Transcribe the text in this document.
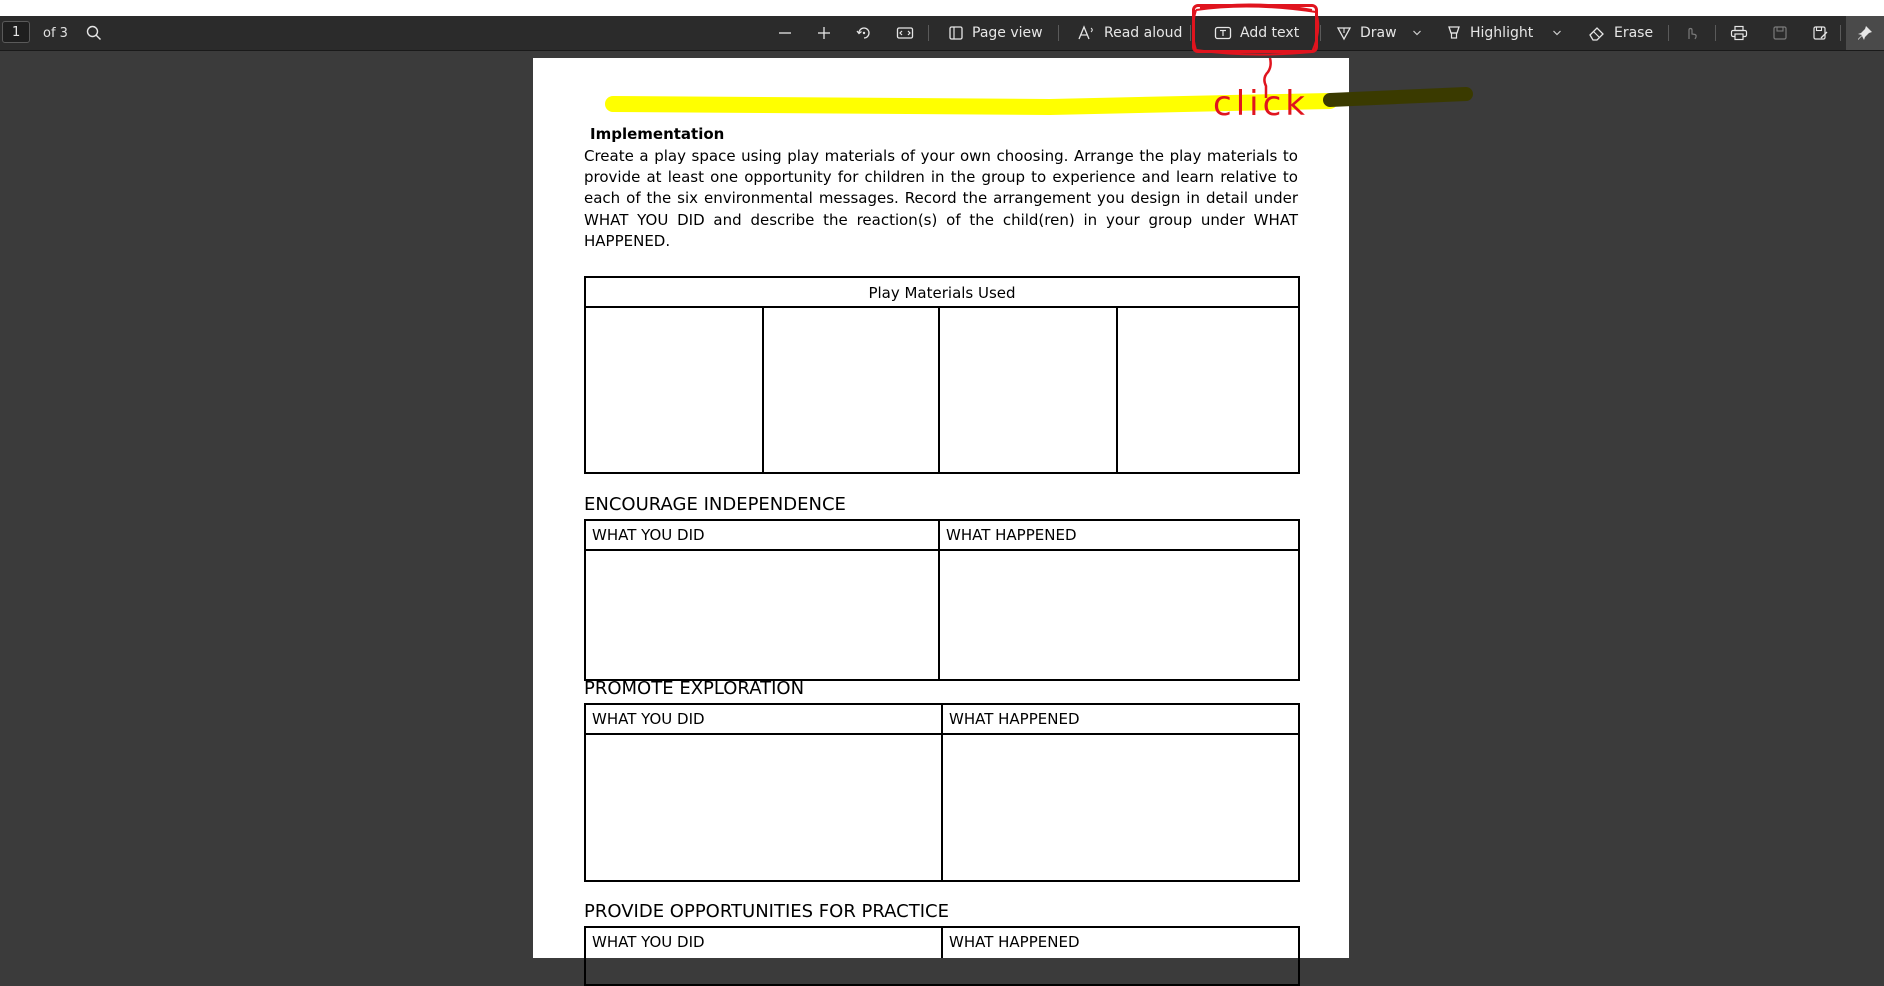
1	of 3	Page view	Read aloud	Add text	Draw	Highlight	Erase
Implementation
Create a play space using play materials of your own choosing. Arrange the play materials to provide at least one opportunity for children in the group to experience and learn relative to each of the six environmental messages. Record the arrangement you design in detail under WHAT YOU DID and describe the reaction(s) of the child(ren) in your group under WHAT HAPPENED.
Play Materials Used
ENCOURAGE INDEPENDENCE
WHAT YOU DID	WHAT HAPPENED
PROMOTE EXPLORATION
WHAT YOU DID	WHAT HAPPENED
PROVIDE OPPORTUNITIES FOR PRACTICE
WHAT YOU DID	WHAT HAPPENED
click
